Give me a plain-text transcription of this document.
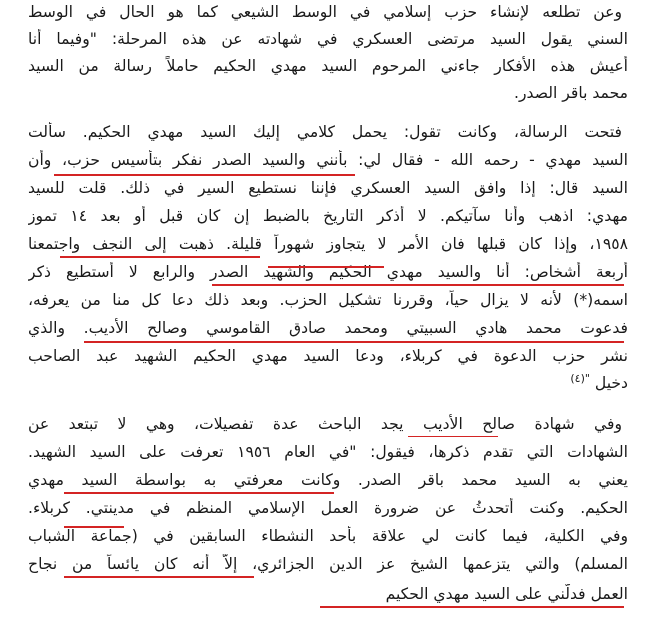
وعن تطلعه لإنشاء حزب إسلامي في الوسط الشيعي كما هو الحال في الوسط

السني يقول السيد مرتضى العسكري في شهادته عن هذه المرحلة: "وفيما أنا

أعيش هذه الأفكار جاءني المرحوم السيد مهدي الحكيم حاملاً رسالة من السيد

محمد باقر الصدر.

فتحت الرسالة، وكانت تقول: يحمل كلامي إليك السيد مهدي الحكيم. سألت

السيد مهدي - رحمه الله - فقال لي: بأنني والسيد الصدر نفكر بتأسيس حزب، وأن

السيد قال: إذا وافق السيد العسكري فإننا نستطيع السير في ذلك. قلت للسيد

مهدي: اذهب وأنا سآتيكم. لا أذكر التاريخ بالضبط إن كان قبل أو بعد ١٤ تموز

١٩٥٨، وإذا كان قبلها فان الأمر لا يتجاوز شهوراً قليلة. ذهبت إلى النجف واجتمعنا

أربعة أشخاص: أنا والسيد مهدي الحكيم والشهيد الصدر والرابع لا أستطيع ذكر

اسمه(*) لأنه لا يزال حياً، وقررنا تشكيل الحزب. وبعد ذلك دعا كل منا من يعرفه،

فدعوت محمد هادي السبيتي ومحمد صادق القاموسي وصالح الأديب. والذي

نشر حزب الدعوة في كربلاء، ودعا السيد مهدي الحكيم الشهيد عبد الصاحب

دخيل $^{"(٤)}$

وفي شهادة صالح الأديب يجد الباحث عدة تفصيلات، وهي لا تبتعد عن

الشهادات التي تقدم ذكرها، فيقول: "في العام ١٩٥٦ تعرفت على السيد الشهيد.

يعني به السيد محمد باقر الصدر. وكانت معرفتي به بواسطة السيد مهدي

الحكيم. وكنت أتحدثُ عن ضرورة العمل الإسلامي المنظم في مدينتي. كربلاء.

وفي الكلية، فيما كانت لي علاقة بأحد النشطاء السابقين في (جماعة الشباب

المسلم) والتي يتزعمها الشيخ عز الدين الجزائري، إلاّ أنه كان يائساً من نجاح

العمل فدلّني على السيد مهدي الحكيم
